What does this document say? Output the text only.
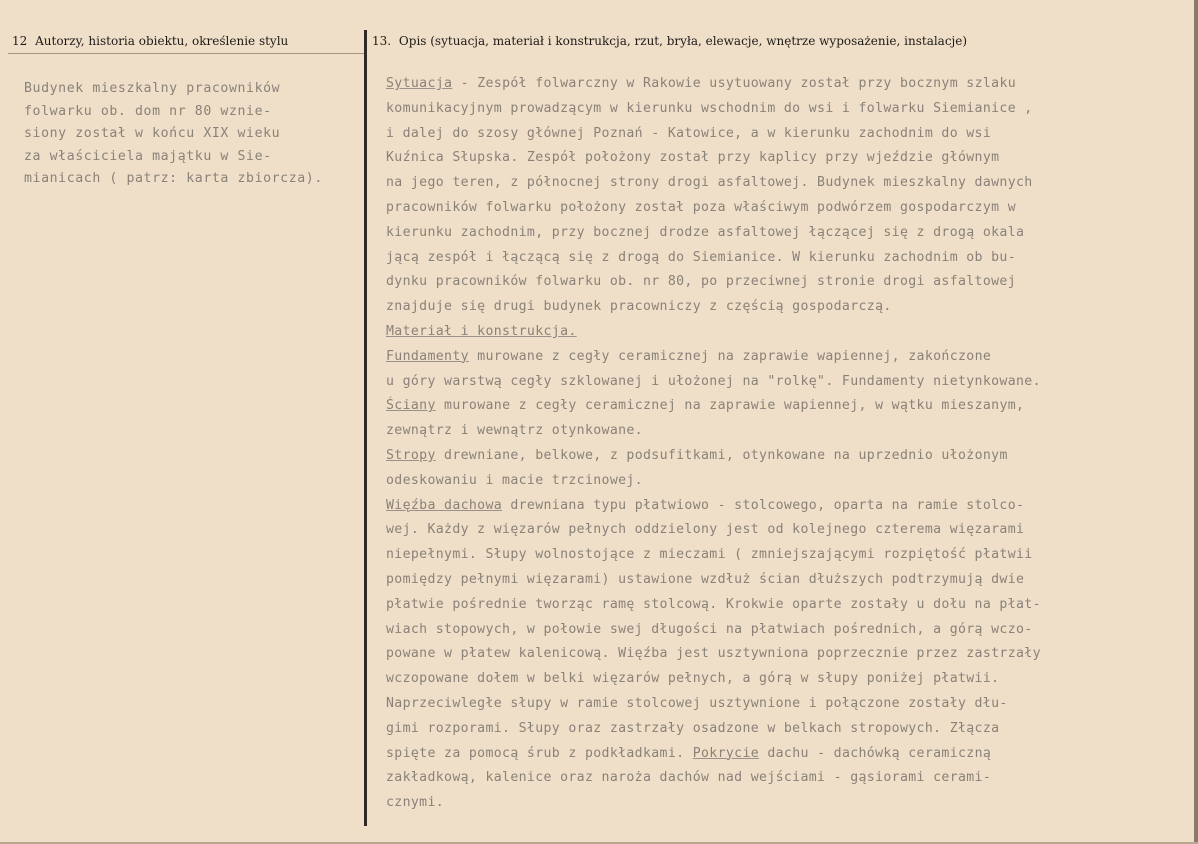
12 Autorzy, historia obiektu, określenie stylu	13. Opis (sytuacja, materiał i konstrukcja, rzut, bryła, elewacje, wnętrze wyposażenie, instalacje)
Budynek mieszkalny pracowników
folwarku ob. dom nr 80 wznie-
siony został w końcu XIX wieku
za właściciela majątku w Sie-
mianicach ( patrz: karta zbiorcza).
Sytuacja - Zespół folwarczny w Rakowie usytuowany został przy bocznym szlaku
komunikacyjnym prowadzącym w kierunku wschodnim do wsi i folwarku Siemianice ,
i dalej do szosy głównej Poznań - Katowice, a w kierunku zachodnim do wsi
Kuźnica Słupska. Zespół położony został przy kaplicy przy wjeździe głównym
na jego teren, z północnej strony drogi asfaltowej. Budynek mieszkalny dawnych
pracowników folwarku położony został poza właściwym podwórzem gospodarczym w
kierunku zachodnim, przy bocznej drodze asfaltowej łączącej się z drogą okala
jącą zespół i łączącą się z drogą do Siemianice. W kierunku zachodnim ob bu-
dynku pracowników folwarku ob. nr 80, po przeciwnej stronie drogi asfaltowej
znajduje się drugi budynek pracowniczy z częścią gospodarczą.
Materiał i konstrukcja.
Fundamenty murowane z cegły ceramicznej na zaprawie wapiennej, zakończone
u góry warstwą cegły szklowanej i ułożonej na "rolkę". Fundamenty nietynkowane.
Ściany murowane z cegły ceramicznej na zaprawie wapiennej, w wątku mieszanym,
zewnątrz i wewnątrz otynkowane.
Stropy drewniane, belkowe, z podsufitkami, otynkowane na uprzednio ułożonym
odeskowaniu i macie trzcinowej.
Więźba dachowa drewniana typu płatwiowo - stolcowego, oparta na ramie stolco-
wej. Każdy z więzarów pełnych oddzielony jest od kolejnego czterema więzarami
niepełnymi. Słupy wolnostojące z mieczami ( zmniejszającymi rozpiętość płatwii
pomiędzy pełnymi więzarami) ustawione wzdłuż ścian dłuższych podtrzymują dwie
płatwie pośrednie tworząc ramę stolcową. Krokwie oparte zostały u dołu na płat-
wiach stopowych, w połowie swej długości na płatwiach pośrednich, a górą wczo-
powane w płatew kalenicową. Więźba jest usztywniona poprzecznie przez zastrzały
wczopowane dołem w belki więzarów pełnych, a górą w słupy poniżej płatwii.
Naprzeciwległe słupy w ramie stolcowej usztywnione i połączone zostały dłu-
gimi rozporami. Słupy oraz zastrzały osadzone w belkach stropowych. Złącza
spięte za pomocą śrub z podkładkami. Pokrycie dachu - dachówką ceramiczną
zakładkową, kalenice oraz naroża dachów nad wejściami - gąsiorami cerami-
cznymi.
